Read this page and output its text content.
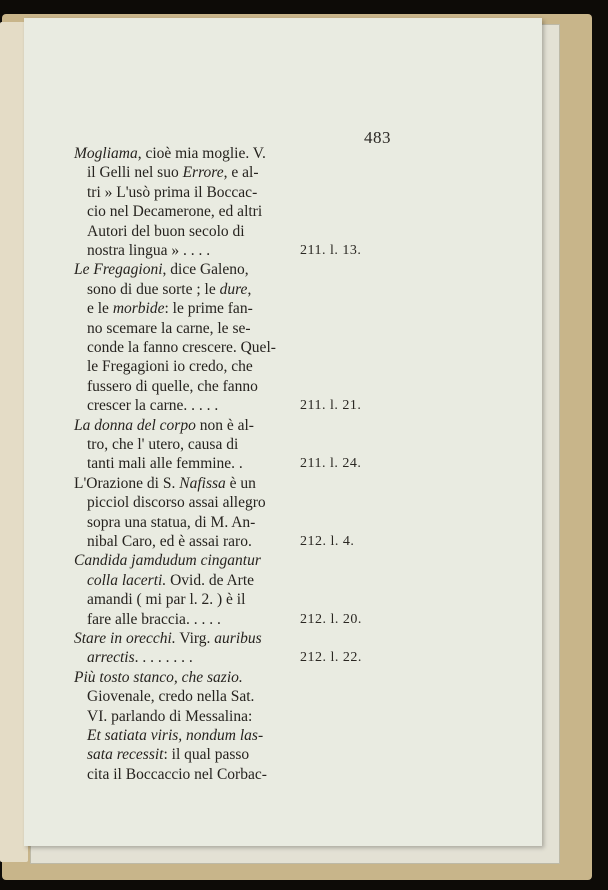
483
Mogliama, cioè mia moglie. V.
il Gelli nel suo Errore, e al-
tri » L'usò prima il Boccac-
cio nel Decamerone, ed altri
Autori del buon secolo di
nostra lingua » . . . .	211. l. 13.
Le Fregagioni, dice Galeno,
sono di due sorte ; le dure,
e le morbide: le prime fan-
no scemare la carne, le se-
conde la fanno crescere. Quel-
le Fregagioni io credo, che
fussero di quelle, che fanno
crescer la carne. . . . .	211. l. 21.
La donna del corpo non è al-
tro, che l' utero, causa di
tanti mali alle femmine. .	211. l. 24.
L'Orazione di S. Nafissa è un
picciol discorso assai allegro
sopra una statua, di M. An-
nibal Caro, ed è assai raro.	212. l. 4.
Candida jamdudum cingantur
colla lacerti. Ovid. de Arte
amandi ( mi par l. 2. ) è il
fare alle braccia. . . . .	212. l. 20.
Stare in orecchi. Virg. auribus
arrectis. . . . . . . .	212. l. 22.
Più tosto stanco, che sazio.
Giovenale, credo nella Sat.
VI. parlando di Messalina:
Et satiata viris, nondum las-
sata recessit: il qual passo
cita il Boccaccio nel Corbac-
